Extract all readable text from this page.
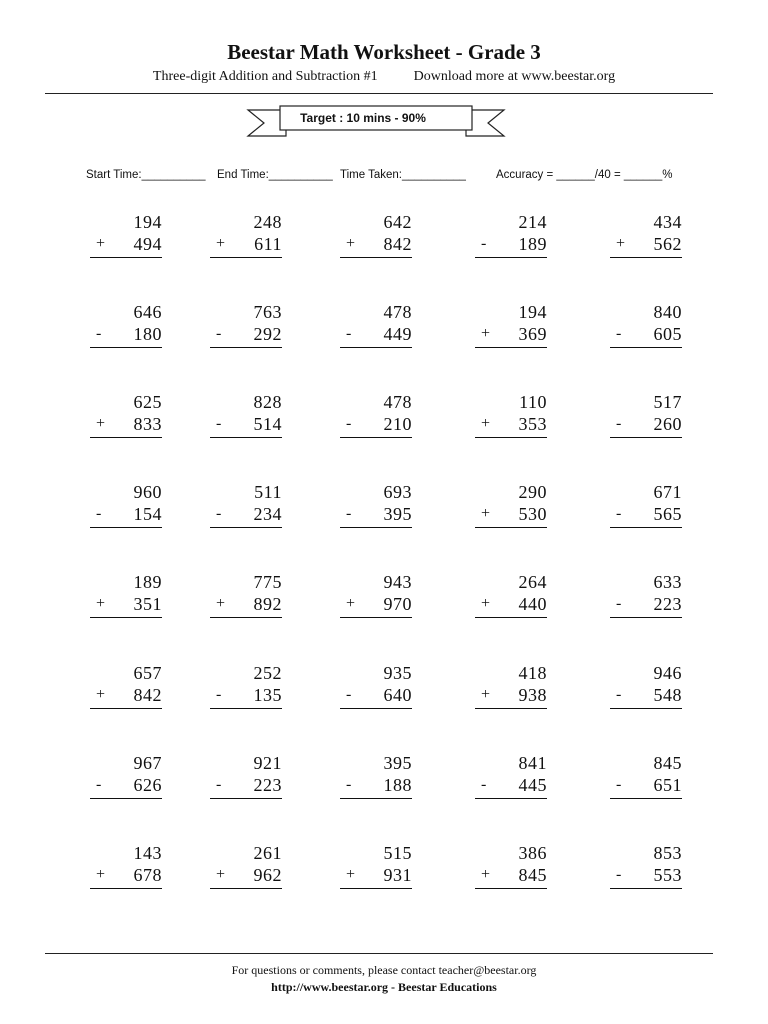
Beestar Math Worksheet - Grade 3
Three-digit Addition and Subtraction #1	Download more at www.beestar.org
Target : 10 mins - 90%
Start Time:__________ End Time:__________ Time Taken:__________	Accuracy = ______/40 = ______%
194
+ 494
248
+ 611
642
+ 842
214
- 189
434
+ 562
646
- 180
763
- 292
478
- 449
194
+ 369
840
- 605
625
+ 833
828
- 514
478
- 210
110
+ 353
517
- 260
960
- 154
511
- 234
693
- 395
290
+ 530
671
- 565
189
+ 351
775
+ 892
943
+ 970
264
+ 440
633
- 223
657
+ 842
252
- 135
935
- 640
418
+ 938
946
- 548
967
- 626
921
- 223
395
- 188
841
- 445
845
- 651
143
+ 678
261
+ 962
515
+ 931
386
+ 845
853
- 553
For questions or comments, please contact teacher@beestar.org
http://www.beestar.org - Beestar Educations
